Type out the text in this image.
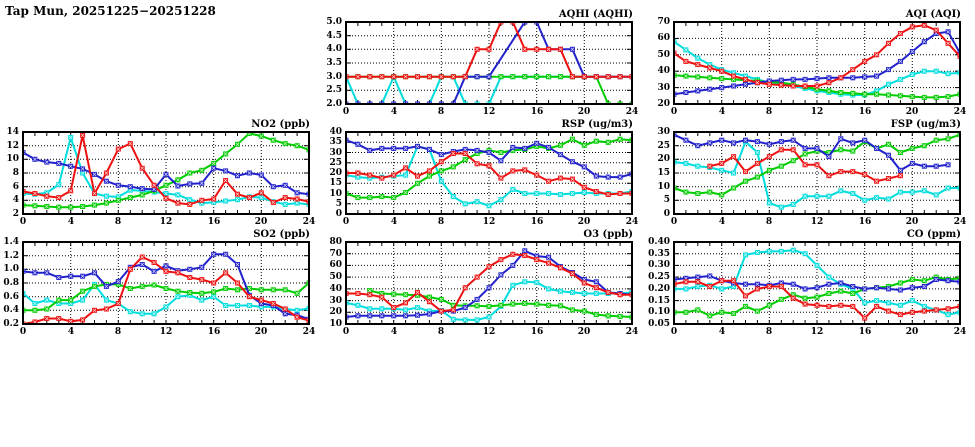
Tap Mun, 20251225−20251228	AQHI (AQHI)
2.0
2.5
3.0
3.5
4.0
4.5
5.0
0	4	8	12	16	20	24
AQI (AQI)
20
30
40
50
60
70
0	4	8	12	16	20	24
NO2 (ppb)
2
4
6
8
10
12
14
0	4	8	12	16	20	24
RSP (ug/m3)
0
5
10
15
20
25
30
35
40
0	4	8	12	16	20	24
FSP (ug/m3)
0
5
10
15
20
25
30
0	4	8	12	16	20	24
SO2 (ppb)
0.2
0.4
0.6
0.8
1.0
1.2
1.4
0	4	8	12	16	20	24
O3 (ppb)
10
20
30
40
50
60
70
80
0	4	8	12	16	20	24
CO (ppm)
0.05
0.10
0.15
0.20
0.25
0.30
0.35
0.40
0	4	8	12	16	20	24
